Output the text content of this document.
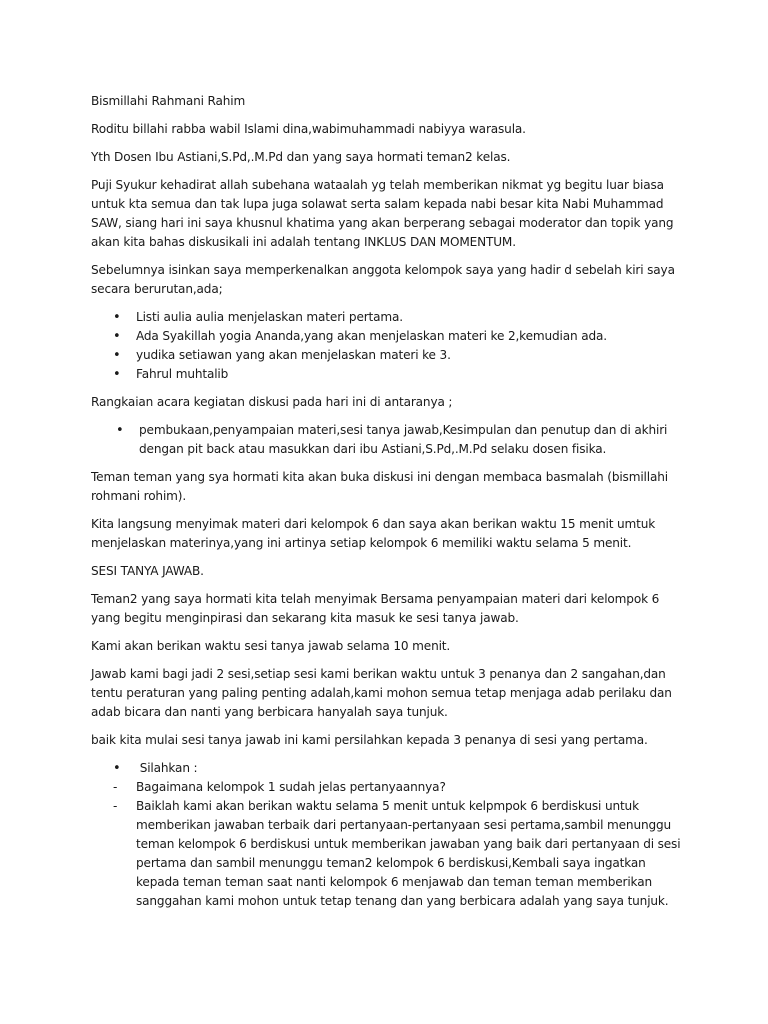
Bismillahi Rahmani Rahim

Roditu billahi rabba wabil Islami dina,wabimuhammadi nabiyya warasula.

Yth Dosen Ibu Astiani,S.Pd,.M.Pd dan yang saya hormati teman2 kelas.

Puji Syukur kehadirat allah subehana wataalah yg telah memberikan nikmat yg begitu luar biasa untuk kta semua dan tak lupa juga solawat serta salam kepada nabi besar kita Nabi Muhammad SAW, siang hari ini saya khusnul khatima yang akan berperang sebagai moderator dan topik yang akan kita bahas diskusikali ini adalah tentang INKLUS DAN MOMENTUM.

Sebelumnya isinkan saya memperkenalkan anggota kelompok saya yang hadir d sebelah kiri saya secara berurutan,ada;

• Listi aulia aulia menjelaskan materi pertama.
• Ada Syakillah yogia Ananda,yang akan menjelaskan materi ke 2,kemudian ada.
• yudika setiawan yang akan menjelaskan materi ke 3.
• Fahrul muhtalib

Rangkaian acara kegiatan diskusi pada hari ini di antaranya ;

• pembukaan,penyampaian materi,sesi tanya jawab,Kesimpulan dan penutup dan di akhiri dengan pit back atau masukkan dari ibu Astiani,S.Pd,.M.Pd selaku dosen fisika.

Teman teman yang sya hormati kita akan buka diskusi ini dengan membaca basmalah (bismillahi rohmani rohim).

Kita langsung menyimak materi dari kelompok 6 dan saya akan berikan waktu 15 menit umtuk menjelaskan materinya,yang ini artinya setiap kelompok 6 memiliki waktu selama 5 menit.

SESI TANYA JAWAB.

Teman2 yang saya hormati kita telah menyimak Bersama penyampaian materi dari kelompok 6 yang begitu menginpirasi dan sekarang kita masuk ke sesi tanya jawab.

Kami akan berikan waktu sesi tanya jawab selama 10 menit.

Jawab kami bagi jadi 2 sesi,setiap sesi kami berikan waktu untuk 3 penanya dan 2 sangahan,dan tentu peraturan yang paling penting adalah,kami mohon semua tetap menjaga adab perilaku dan adab bicara dan nanti yang berbicara hanyalah saya tunjuk.

baik kita mulai sesi tanya jawab ini kami persilahkan kepada 3 penanya di sesi yang pertama.

•  Silahkan :
- Bagaimana kelompok 1 sudah jelas pertanyaannya?
- Baiklah kami akan berikan waktu selama 5 menit untuk kelpmpok 6 berdiskusi untuk memberikan jawaban terbaik dari pertanyaan-pertanyaan sesi pertama,sambil menunggu teman kelompok 6 berdiskusi untuk memberikan jawaban yang baik dari pertanyaan di sesi pertama dan sambil menunggu teman2 kelompok 6 berdiskusi,Kembali saya ingatkan kepada teman teman saat nanti kelompok 6 menjawab dan teman teman memberikan sanggahan kami mohon untuk tetap tenang dan yang berbicara adalah yang saya tunjuk.
